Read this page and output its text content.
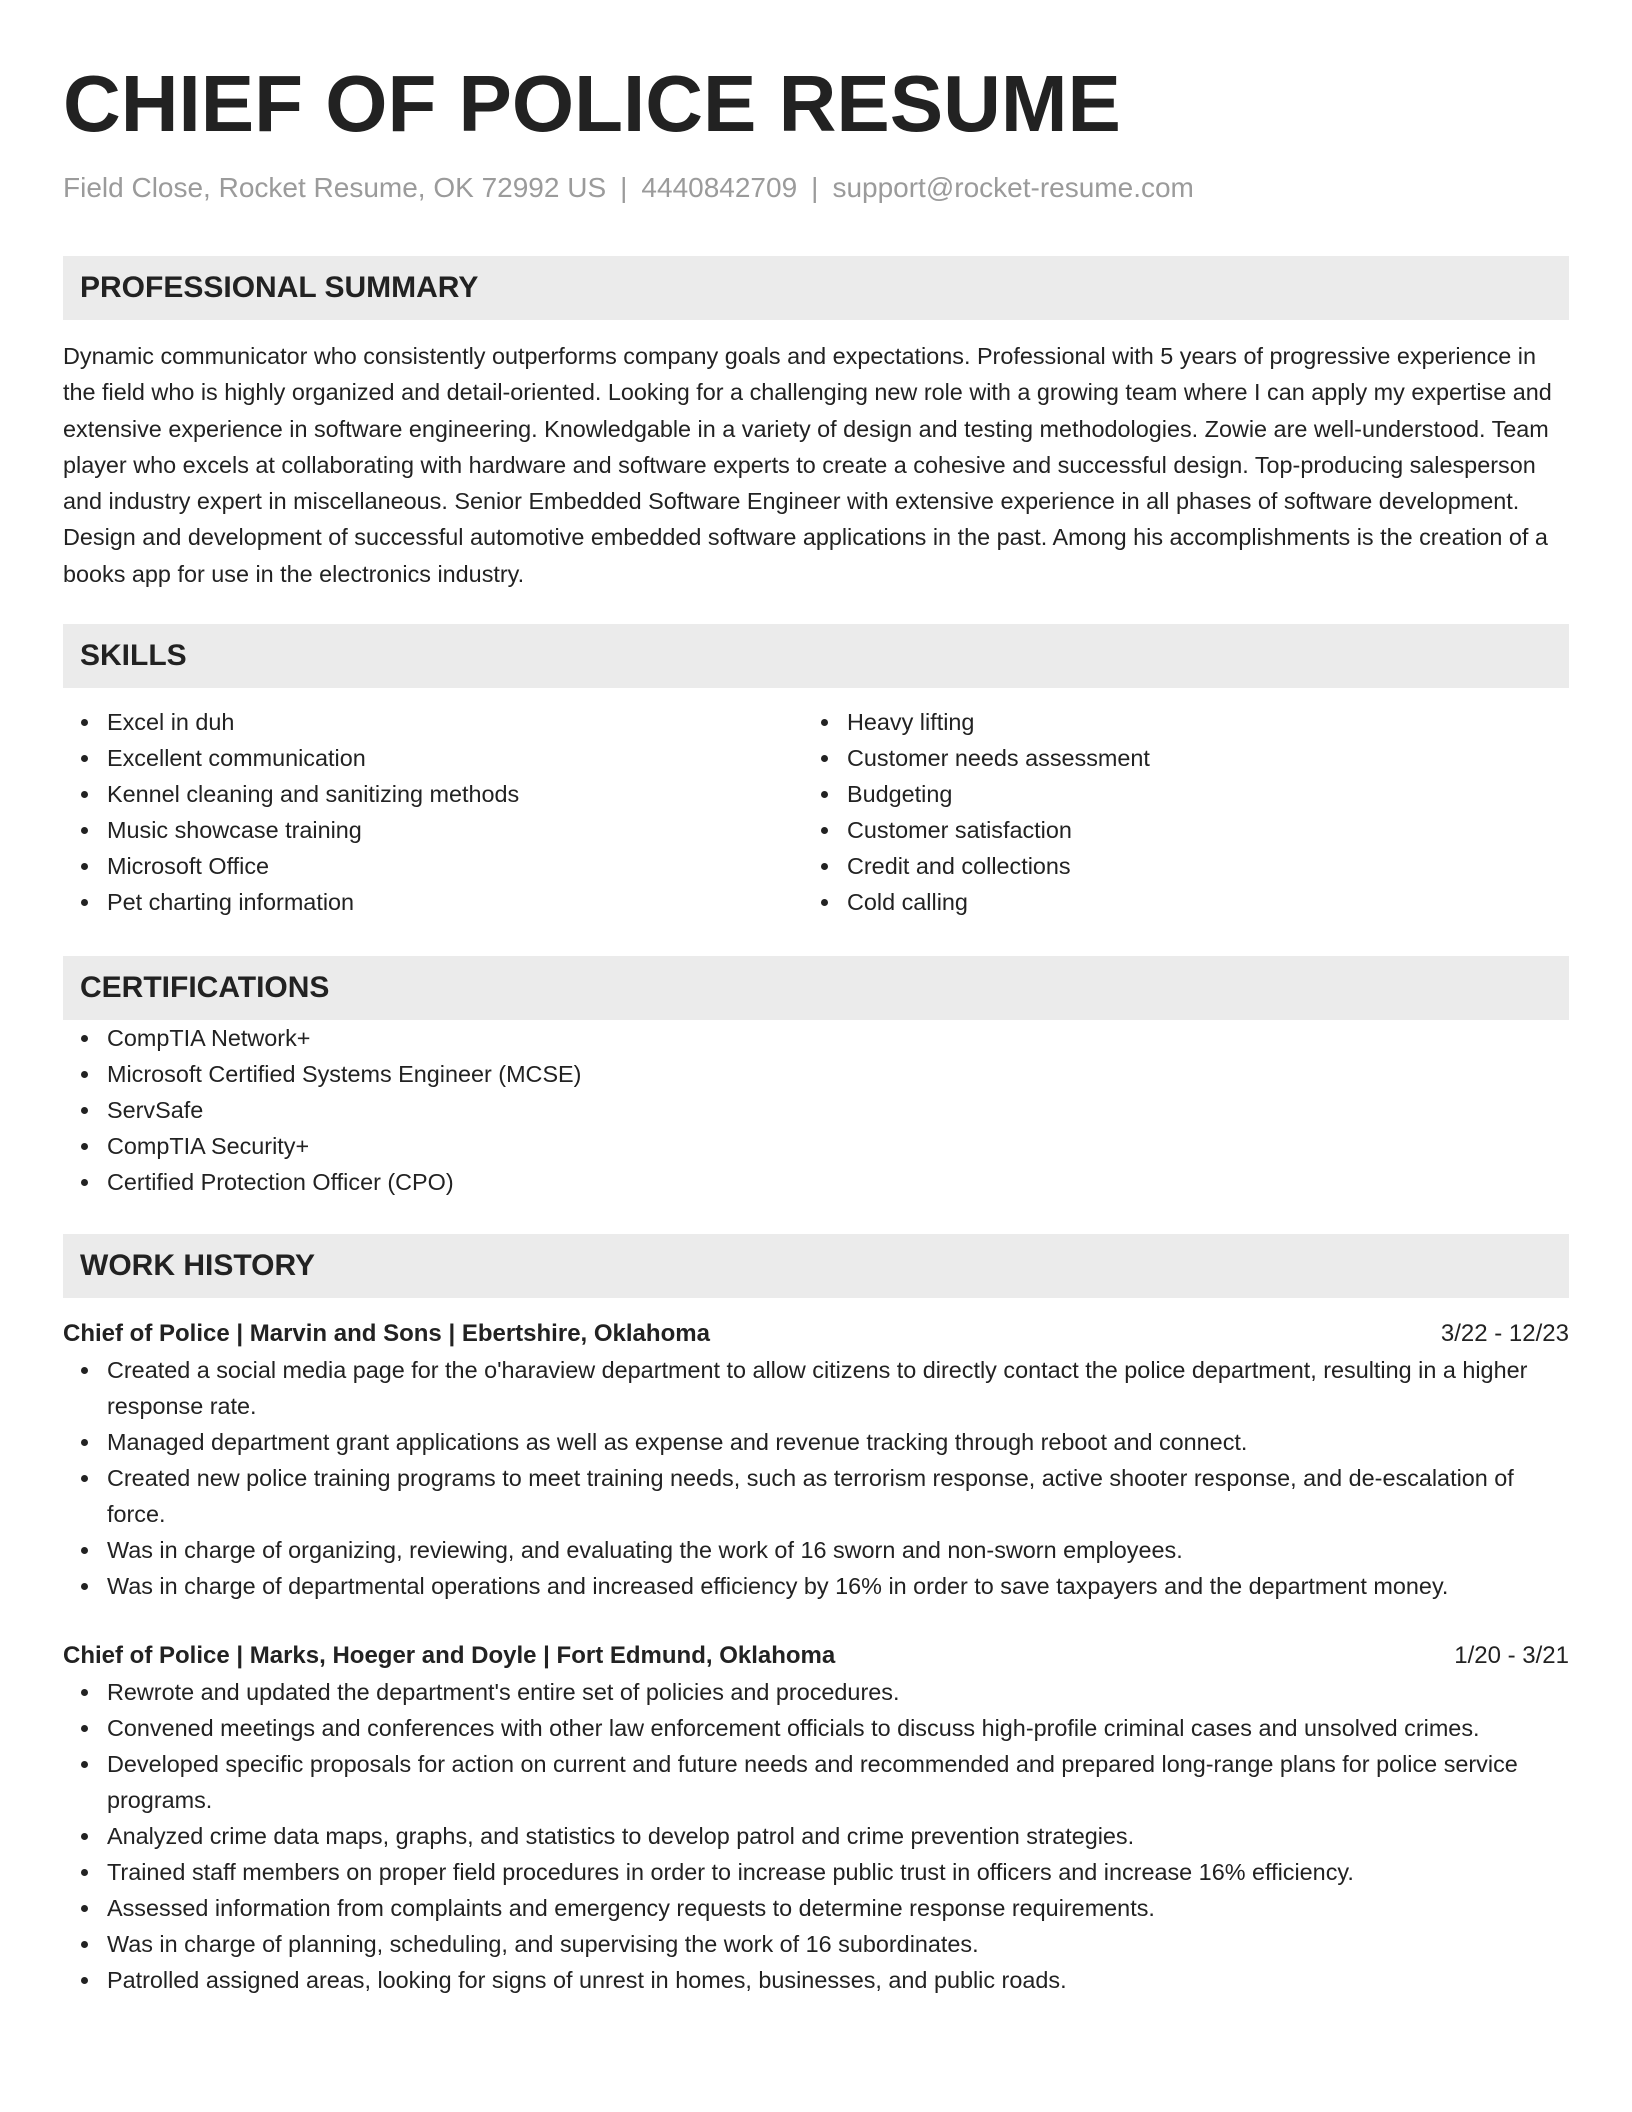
CHIEF OF POLICE RESUME
Field Close, Rocket Resume, OK 72992 US | 4440842709 | support@rocket-resume.com
PROFESSIONAL SUMMARY

Dynamic communicator who consistently outperforms company goals and expectations. Professional with 5 years of progressive experience in the field who is highly organized and detail-oriented. Looking for a challenging new role with a growing team where I can apply my expertise and extensive experience in software engineering. Knowledgable in a variety of design and testing methodologies. Zowie are well-understood. Team player who excels at collaborating with hardware and software experts to create a cohesive and successful design. Top-producing salesperson and industry expert in miscellaneous. Senior Embedded Software Engineer with extensive experience in all phases of software development. Design and development of successful automotive embedded software applications in the past. Among his accomplishments is the creation of a books app for use in the electronics industry.

SKILLS
Excel in duh
Excellent communication
Kennel cleaning and sanitizing methods
Music showcase training
Microsoft Office
Pet charting information
Heavy lifting
Customer needs assessment
Budgeting
Customer satisfaction
Credit and collections
Cold calling
CERTIFICATIONS
CompTIA Network+
Microsoft Certified Systems Engineer (MCSE)
ServSafe
CompTIA Security+
Certified Protection Officer (CPO)
WORK HISTORY
Chief of Police | Marvin and Sons | Ebertshire, Oklahoma	3/22 - 12/23
Created a social media page for the o'haraview department to allow citizens to directly contact the police department, resulting in a higher response rate.
Managed department grant applications as well as expense and revenue tracking through reboot and connect.
Created new police training programs to meet training needs, such as terrorism response, active shooter response, and de-escalation of force.
Was in charge of organizing, reviewing, and evaluating the work of 16 sworn and non-sworn employees.
Was in charge of departmental operations and increased efficiency by 16% in order to save taxpayers and the department money.
Chief of Police | Marks, Hoeger and Doyle | Fort Edmund, Oklahoma	1/20 - 3/21
Rewrote and updated the department's entire set of policies and procedures.
Convened meetings and conferences with other law enforcement officials to discuss high-profile criminal cases and unsolved crimes.
Developed specific proposals for action on current and future needs and recommended and prepared long-range plans for police service programs.
Analyzed crime data maps, graphs, and statistics to develop patrol and crime prevention strategies.
Trained staff members on proper field procedures in order to increase public trust in officers and increase 16% efficiency.
Assessed information from complaints and emergency requests to determine response requirements.
Was in charge of planning, scheduling, and supervising the work of 16 subordinates.
Patrolled assigned areas, looking for signs of unrest in homes, businesses, and public roads.
